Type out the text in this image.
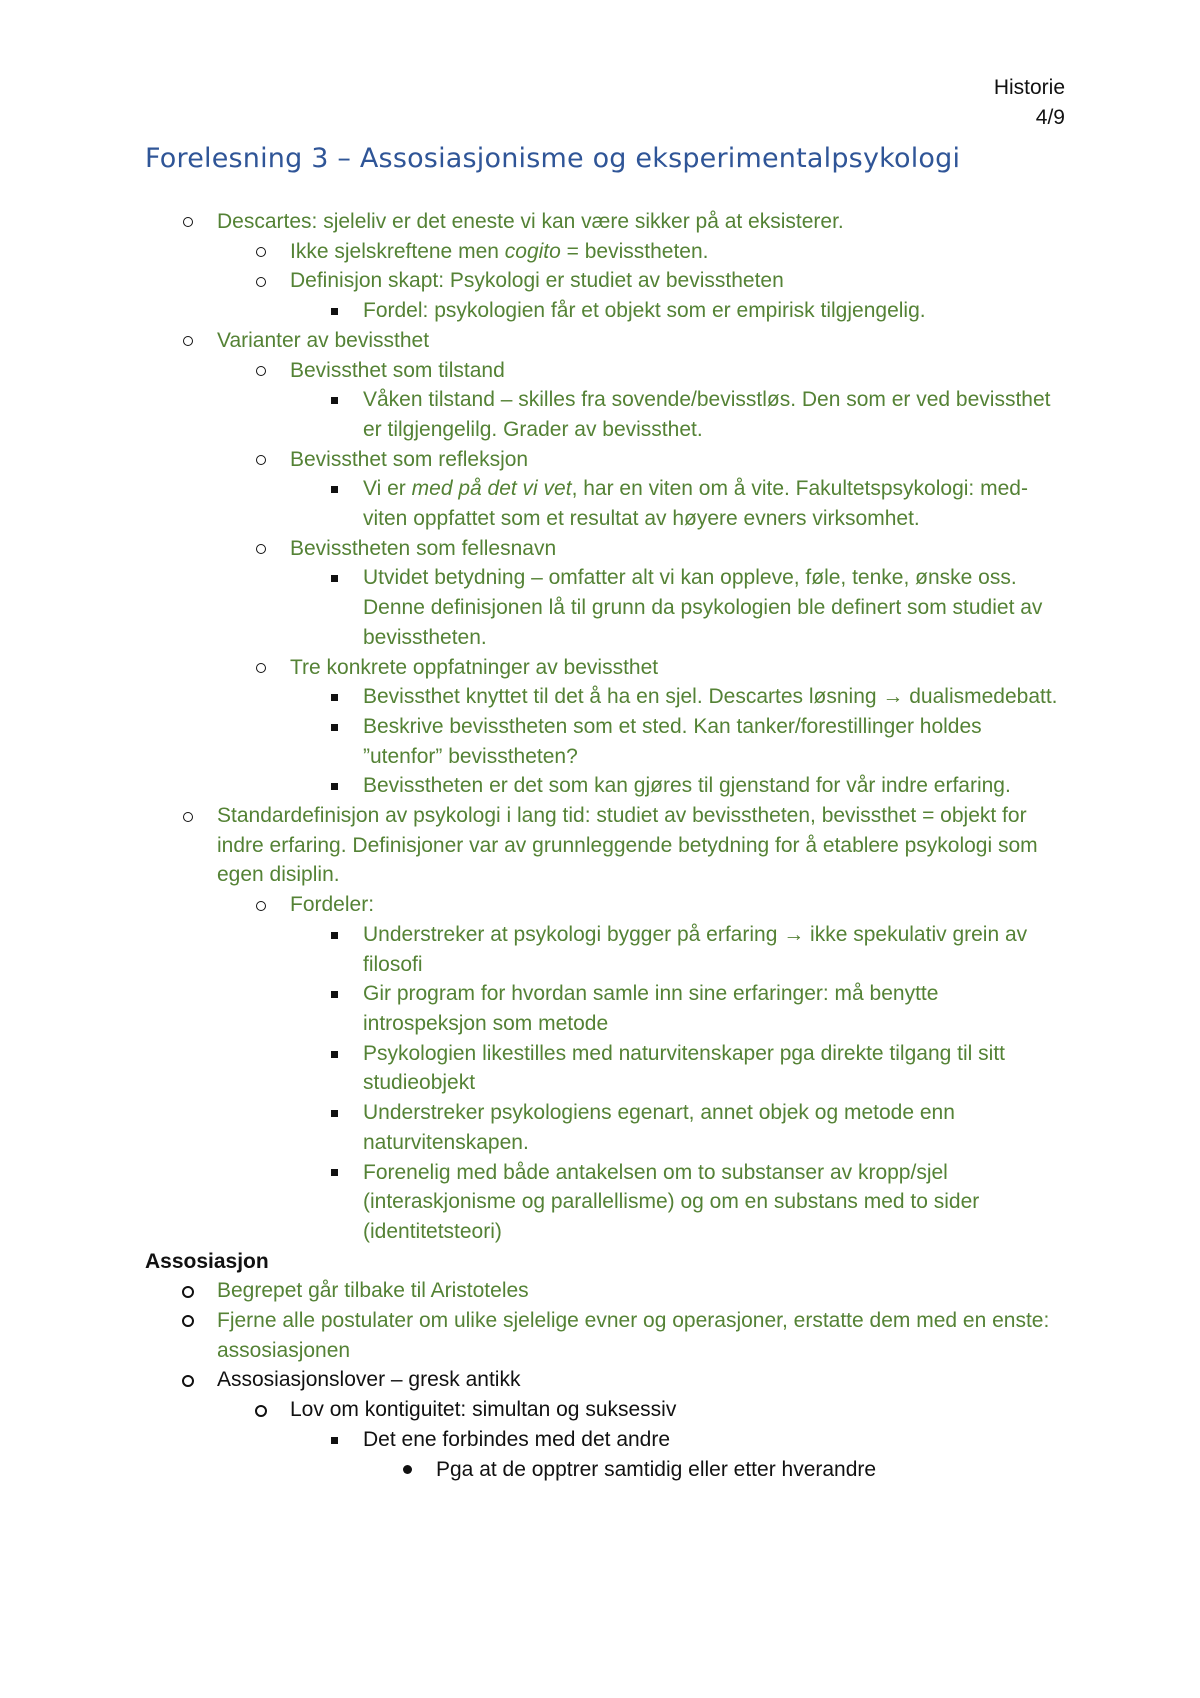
Historie
4/9
Forelesning 3 – Assosiasjonisme og eksperimentalpsykologi
Descartes: sjeleliv er det eneste vi kan være sikker på at eksisterer.
Ikke sjelskreftene men cogito = bevisstheten.
Definisjon skapt: Psykologi er studiet av bevisstheten
Fordel: psykologien får et objekt som er empirisk tilgjengelig.
Varianter av bevissthet
Bevissthet som tilstand
Våken tilstand – skilles fra sovende/bevisstløs. Den som er ved bevissthet er tilgjengelilg. Grader av bevissthet.
Bevissthet som refleksjon
Vi er med på det vi vet, har en viten om å vite. Fakultetspsykologi: med-viten oppfattet som et resultat av høyere evners virksomhet.
Bevisstheten som fellesnavn
Utvidet betydning – omfatter alt vi kan oppleve, føle, tenke, ønske oss. Denne definisjonen lå til grunn da psykologien ble definert som studiet av bevisstheten.
Tre konkrete oppfatninger av bevissthet
Bevissthet knyttet til det å ha en sjel. Descartes løsning → dualismedebatt.
Beskrive bevisstheten som et sted. Kan tanker/forestillinger holdes ”utenfor” bevisstheten?
Bevisstheten er det som kan gjøres til gjenstand for vår indre erfaring.
Standardefinisjon av psykologi i lang tid: studiet av bevisstheten, bevissthet = objekt for indre erfaring. Definisjoner var av grunnleggende betydning for å etablere psykologi som egen disiplin.
Fordeler:
Understreker at psykologi bygger på erfaring → ikke spekulativ grein av filosofi
Gir program for hvordan samle inn sine erfaringer: må benytte introspeksjon som metode
Psykologien likestilles med naturvitenskaper pga direkte tilgang til sitt studieobjekt
Understreker psykologiens egenart, annet objek og metode enn naturvitenskapen.
Forenelig med både antakelsen om to substanser av kropp/sjel (interaskjonisme og parallellisme) og om en substans med to sider (identitetsteori)
Assosiasjon
Begrepet går tilbake til Aristoteles
Fjerne alle postulater om ulike sjelelige evner og operasjoner, erstatte dem med en enste: assosiasjonen
Assosiasjonslover – gresk antikk
Lov om kontiguitet: simultan og suksessiv
Det ene forbindes med det andre
Pga at de opptrer samtidig eller etter hverandre
